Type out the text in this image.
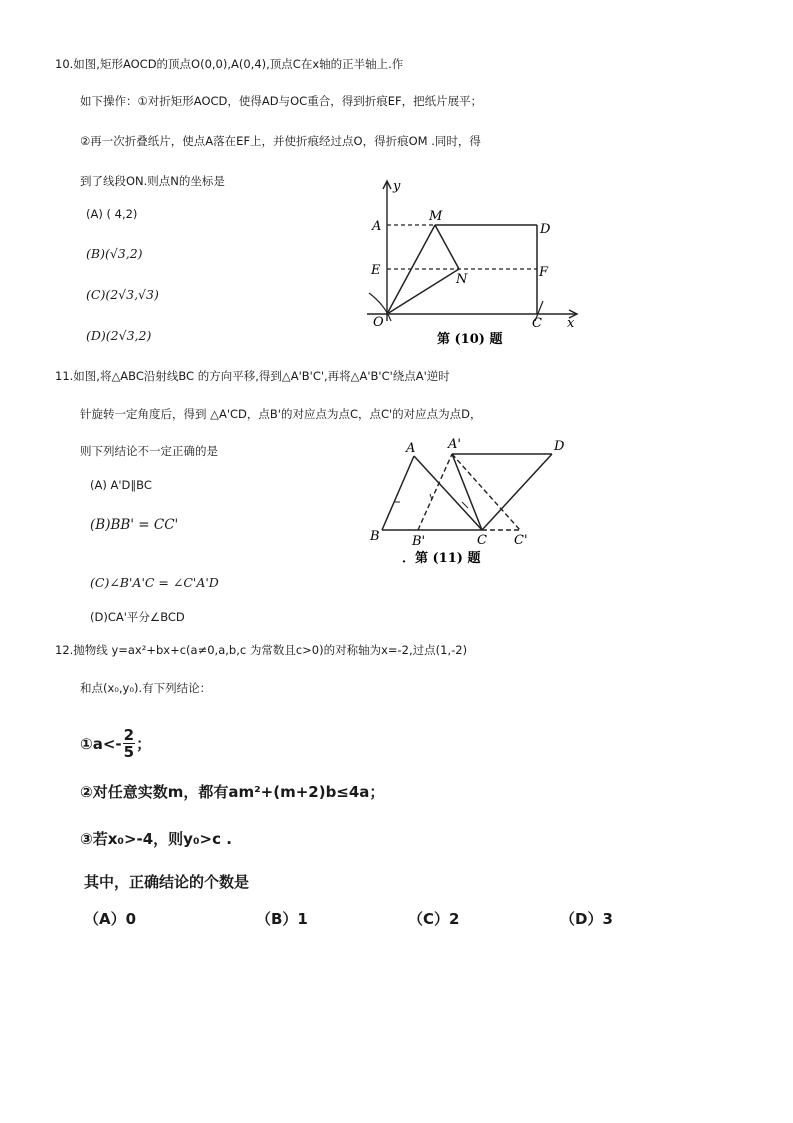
10.如图,矩形AOCD的顶点O(0,0),A(0,4),顶点C在x轴的正半轴上.作
如下操作：①对折矩形AOCD，使得AD与OC重合，得到折痕EF，把纸片展平；
②再一次折叠纸片，使点A落在EF上，并使折痕经过点O，得折痕OM .同时，得
到了线段ON.则点N的坐标是
(A) ( 4,2)
(B)(√3,2)
(C)(2√3,√3)
(D)(2√3,2)
y
A
M
D
E
N	F
O	C x
第 (10) 题
11.如图,将△ABC沿射线BC 的方向平移,得到△A'B'C',再将△A'B'C'绕点A'逆时
针旋转一定角度后，得到 △A'CD，点B'的对应点为点C，点C'的对应点为点D，
则下列结论不一定正确的是
(A) A'D∥BC
(B)BB' = CC'
(C)∠B'A'C = ∠C'A'D
(D)CA'平分∠BCD
A	A'	D
B B'	C C'
．第 (11) 题
12.抛物线 y=ax²+bx+c(a≠0,a,b,c 为常数且c>0)的对称轴为x=-2,过点(1,-2)
和点(x₀,y₀).有下列结论：
①a<- $\frac{2}{5}$ ；
②对任意实数m，都有am²+(m+2)b≤4a；
③若x₀>-4，则y₀>c .
其中，正确结论的个数是
（A）0	（B）1	（C）2	（D）3
